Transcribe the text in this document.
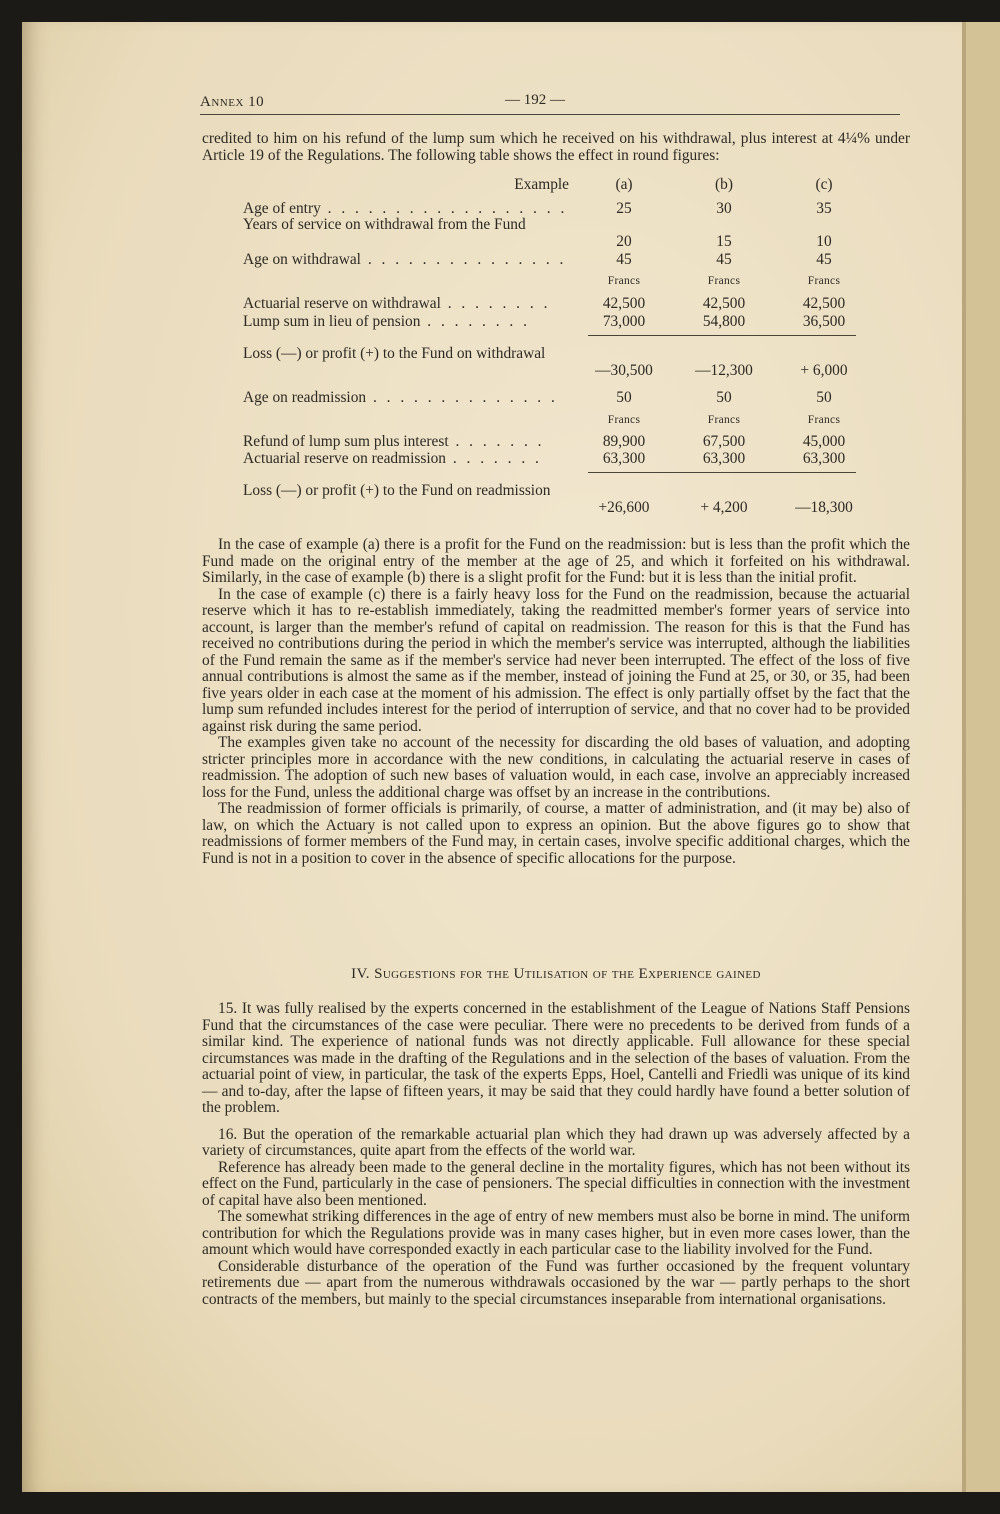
Annex 10	— 192 —

credited to him on his refund of the lump sum which he received on his withdrawal, plus interest at 4¼% under Article 19 of the Regulations. The following table shows the effect in round figures:

Example	(a)	(b)	(c)
Age of entry . . . . . . . . . . . . . . . . . .	25	30	35
Years of service on withdrawal from the Fund
20	15	10
Age on withdrawal . . . . . . . . . . . . . . .	45	45	45
Francs	Francs	Francs
Actuarial reserve on withdrawal . . . . . . . .	42,500	42,500	42,500
Lump sum in lieu of pension . . . . . . . .	73,000	54,800	36,500
Loss (—) or profit (+) to the Fund on withdrawal
—30,500	—12,300	+ 6,000
Age on readmission . . . . . . . . . . . . . .	50	50	50
Francs	Francs	Francs
Refund of lump sum plus interest . . . . . . .	89,900	67,500	45,000
Actuarial reserve on readmission . . . . . . .	63,300	63,300	63,300
Loss (—) or profit (+) to the Fund on readmission
+26,600	+ 4,200	—18,300

In the case of example (a) there is a profit for the Fund on the readmission: but is less than the profit which the Fund made on the original entry of the member at the age of 25, and which it forfeited on his withdrawal. Similarly, in the case of example (b) there is a slight profit for the Fund: but it is less than the initial profit.

In the case of example (c) there is a fairly heavy loss for the Fund on the readmission, because the actuarial reserve which it has to re-establish immediately, taking the readmitted member's former years of service into account, is larger than the member's refund of capital on readmission. The reason for this is that the Fund has received no contributions during the period in which the member's service was interrupted, although the liabilities of the Fund remain the same as if the member's service had never been interrupted. The effect of the loss of five annual contributions is almost the same as if the member, instead of joining the Fund at 25, or 30, or 35, had been five years older in each case at the moment of his admission. The effect is only partially offset by the fact that the lump sum refunded includes interest for the period of interruption of service, and that no cover had to be provided against risk during the same period.

The examples given take no account of the necessity for discarding the old bases of valuation, and adopting stricter principles more in accordance with the new conditions, in calculating the actuarial reserve in cases of readmission. The adoption of such new bases of valuation would, in each case, involve an appreciably increased loss for the Fund, unless the additional charge was offset by an increase in the contributions.

The readmission of former officials is primarily, of course, a matter of administration, and (it may be) also of law, on which the Actuary is not called upon to express an opinion. But the above figures go to show that readmissions of former members of the Fund may, in certain cases, involve specific additional charges, which the Fund is not in a position to cover in the absence of specific allocations for the purpose.

IV. Suggestions for the Utilisation of the Experience gained

15. It was fully realised by the experts concerned in the establishment of the League of Nations Staff Pensions Fund that the circumstances of the case were peculiar. There were no precedents to be derived from funds of a similar kind. The experience of national funds was not directly applicable. Full allowance for these special circumstances was made in the drafting of the Regulations and in the selection of the bases of valuation. From the actuarial point of view, in particular, the task of the experts Epps, Hoel, Cantelli and Friedli was unique of its kind — and to-day, after the lapse of fifteen years, it may be said that they could hardly have found a better solution of the problem.

16. But the operation of the remarkable actuarial plan which they had drawn up was adversely affected by a variety of circumstances, quite apart from the effects of the world war.

Reference has already been made to the general decline in the mortality figures, which has not been without its effect on the Fund, particularly in the case of pensioners. The special difficulties in connection with the investment of capital have also been mentioned.

The somewhat striking differences in the age of entry of new members must also be borne in mind. The uniform contribution for which the Regulations provide was in many cases higher, but in even more cases lower, than the amount which would have corresponded exactly in each particular case to the liability involved for the Fund.

Considerable disturbance of the operation of the Fund was further occasioned by the frequent voluntary retirements due — apart from the numerous withdrawals occasioned by the war — partly perhaps to the short contracts of the members, but mainly to the special circumstances inseparable from international organisations.
